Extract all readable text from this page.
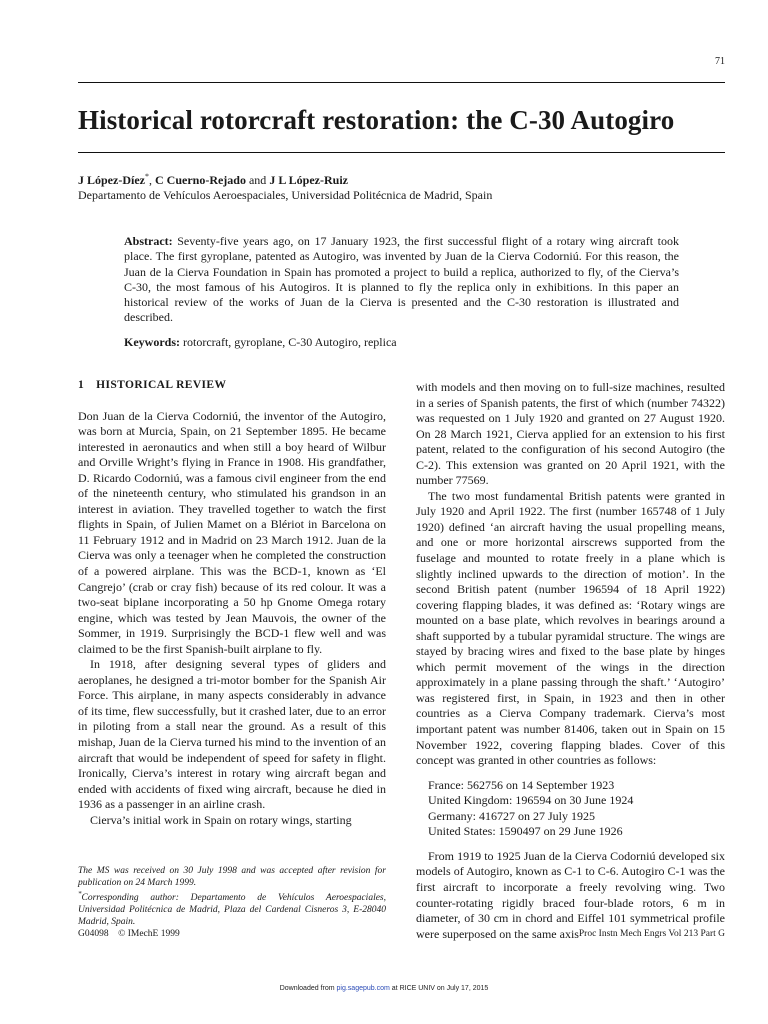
71
Historical rotorcraft restoration: the C-30 Autogiro
J López-Díez*, C Cuerno-Rejado and J L López-Ruiz
Departamento de Vehículos Aeroespaciales, Universidad Politécnica de Madrid, Spain

Abstract: Seventy-five years ago, on 17 January 1923, the first successful flight of a rotary wing aircraft took place. The first gyroplane, patented as Autogiro, was invented by Juan de la Cierva Codorniú. For this reason, the Juan de la Cierva Foundation in Spain has promoted a project to build a replica, authorized to fly, of the Cierva’s C-30, the most famous of his Autogiros. It is planned to fly the replica only in exhibitions. In this paper an historical review of the works of Juan de la Cierva is presented and the C-30 restoration is illustrated and described.

Keywords: rotorcraft, gyroplane, C-30 Autogiro, replica

1 HISTORICAL REVIEW

Don Juan de la Cierva Codorniú, the inventor of the Autogiro, was born at Murcia, Spain, on 21 September 1895. He became interested in aeronautics and when still a boy heard of Wilbur and Orville Wright’s flying in France in 1908. His grandfather, D. Ricardo Codorniú, was a famous civil engineer from the end of the nineteenth century, who stimulated his grandson in an interest in aviation. They travelled together to watch the first flights in Spain, of Julien Mamet on a Blériot in Barcelona on 11 February 1912 and in Madrid on 23 March 1912. Juan de la Cierva was only a teenager when he completed the construction of a powered airplane. This was the BCD-1, known as ‘El Cangrejo’ (crab or cray fish) because of its red colour. It was a two-seat biplane incorporating a 50 hp Gnome Omega rotary engine, which was tested by Jean Mauvois, the owner of the Sommer, in 1919. Surprisingly the BCD-1 flew well and was claimed to be the first Spanish-built airplane to fly.

In 1918, after designing several types of gliders and aeroplanes, he designed a tri-motor bomber for the Spanish Air Force. This airplane, in many aspects considerably in advance of its time, flew successfully, but it crashed later, due to an error in piloting from a stall near the ground. As a result of this mishap, Juan de la Cierva turned his mind to the invention of an aircraft that would be independent of speed for safety in flight. Ironically, Cierva’s interest in rotary wing aircraft began and ended with accidents of fixed wing aircraft, because he died in 1936 as a passenger in an airline crash.

Cierva’s initial work in Spain on rotary wings, starting

The MS was received on 30 July 1998 and was accepted after revision for publication on 24 March 1999.

*Corresponding author: Departamento de Vehículos Aeroespaciales, Universidad Politécnica de Madrid, Plaza del Cardenal Cisneros 3, E-28040 Madrid, Spain.

with models and then moving on to full-size machines, resulted in a series of Spanish patents, the first of which (number 74322) was requested on 1 July 1920 and granted on 27 August 1920. On 28 March 1921, Cierva applied for an extension to his first patent, related to the configuration of his second Autogiro (the C-2). This extension was granted on 20 April 1921, with the number 77569.

The two most fundamental British patents were granted in July 1920 and April 1922. The first (number 165748 of 1 July 1920) defined ‘an aircraft having the usual propelling means, and one or more horizontal airscrews supported from the fuselage and mounted to rotate freely in a plane which is slightly inclined upwards to the direction of motion’. In the second British patent (number 196594 of 18 April 1922) covering flapping blades, it was defined as: ‘Rotary wings are mounted on a base plate, which revolves in bearings around a shaft supported by a tubular pyramidal structure. The wings are stayed by bracing wires and fixed to the base plate by hinges which permit movement of the wings in the direction approximately in a plane passing through the shaft.’ ‘Autogiro’ was registered first, in Spain, in 1923 and then in other countries as a Cierva Company trademark. Cierva’s most important patent was number 81406, taken out in Spain on 15 November 1922, covering flapping blades. Cover of this concept was granted in other countries as follows:

France: 562756 on 14 September 1923
United Kingdom: 196594 on 30 June 1924
Germany: 416727 on 27 July 1925
United States: 1590497 on 29 June 1926

From 1919 to 1925 Juan de la Cierva Codorniú developed six models of Autogiro, known as C-1 to C-6. Autogiro C-1 was the first aircraft to incorporate a freely revolving wing. Two counter-rotating rigidly braced four-blade rotors, 6 m in diameter, of 30 cm in chord and Eiffel 101 symmetrical profile were superposed on the same axis

G04098 © IMechE 1999	Proc Instn Mech Engrs Vol 213 Part G
Downloaded from pig.sagepub.com at RICE UNIV on July 17, 2015
